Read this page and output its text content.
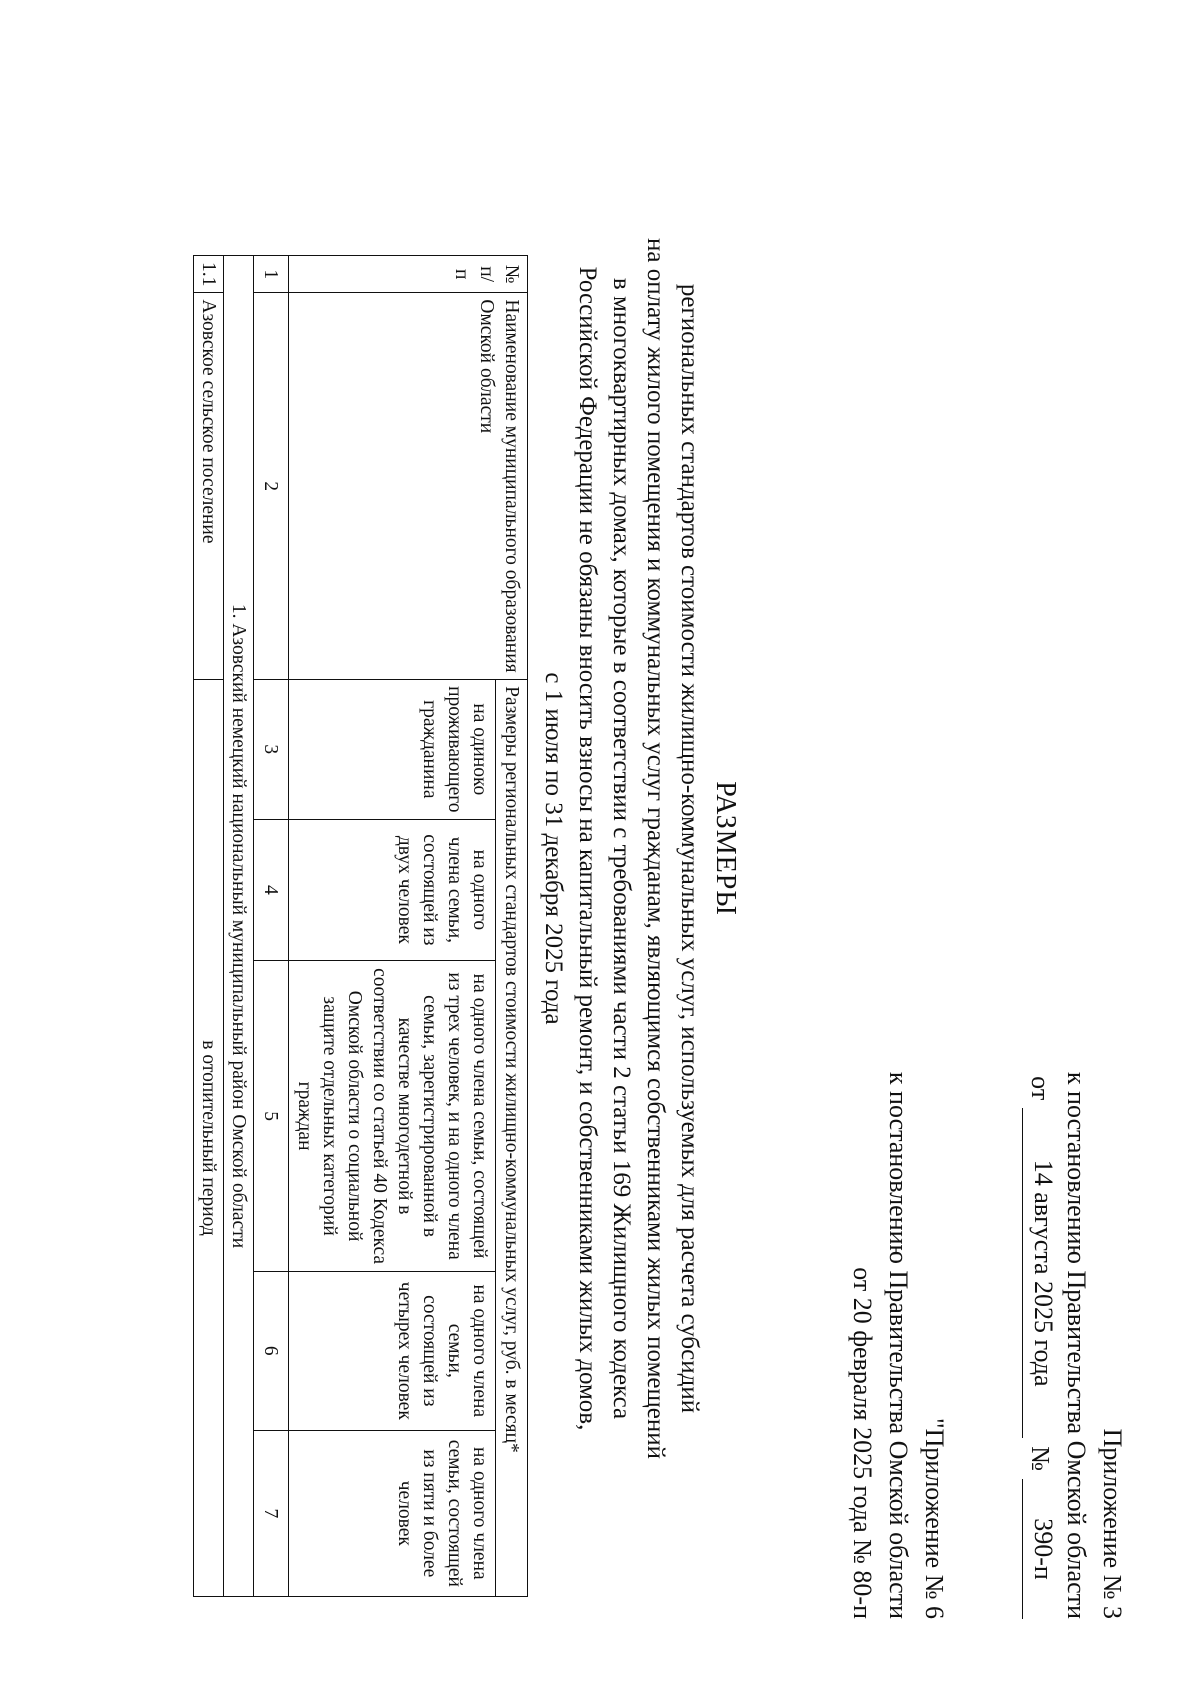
Приложение № 3
к постановлению Правительства Омской области
от
14 августа 2025 года
№
390-п
"Приложение № 6
к постановлению Правительства Омской области
от 20 февраля 2025 года № 80-п
РАЗМЕРЫ
региональных стандартов стоимости жилищно-коммунальных услуг, используемых для расчета субсидий
на оплату жилого помещения и коммунальных услуг гражданам, являющимся собственниками жилых помещений
в многоквартирных домах, которые в соответствии с требованиями части 2 статьи 169 Жилищного кодекса
Российской Федерации не обязаны вносить взносы на капитальный ремонт, и собственниками жилых домов,
с 1 июля по 31 декабря 2025 года
№ п/п	Наименование муниципального образования Омской области	Размеры региональных стандартов стоимости жилищно-коммунальных услуг, руб. в месяц*				
		на одиноко проживающего гражданина	на одного члена семьи, состоящей из двух человек	на одного члена семьи, состоящей из трех человек, и на одного члена семьи, зарегистрированной в качестве многодетной в соответствии со статьей 40 Кодекса Омской области о социальной защите отдельных категорий граждан	на одного члена семьи, состоящей из четырех человек	на одного члена семьи, состоящей из пяти и более человек
1	2	3	4	5	6	7
1. Азовский немецкий национальный муниципальный район Омской области						
1.1	Азовское сельское поселение	в отопительный период				
